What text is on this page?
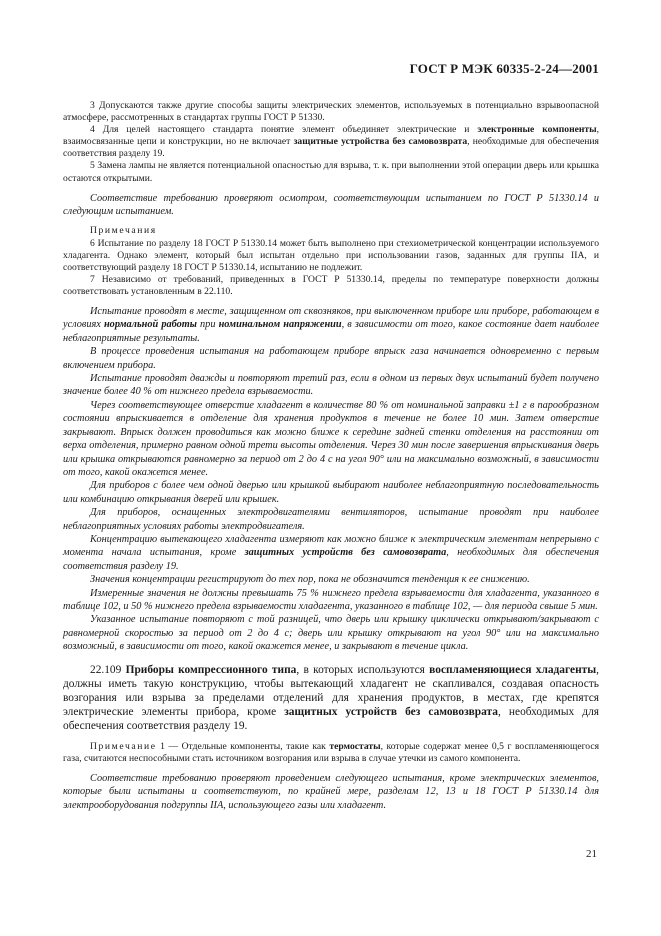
ГОСТ Р МЭК 60335-2-24—2001

3 Допускаются также другие способы защиты электрических элементов, используемых в потенциально взрывоопасной атмосфере, рассмотренных в стандартах группы ГОСТ Р 51330.

4 Для целей настоящего стандарта понятие элемент объединяет электрические и электронные компоненты, взаимосвязанные цепи и конструкции, но не включает защитные устройства без самовозврата, необходимые для обеспечения соответствия разделу 19.

5 Замена лампы не является потенциальной опасностью для взрыва, т. к. при выполнении этой операции дверь или крышка остаются открытыми.

Соответствие требованию проверяют осмотром, соответствующим испытанием по ГОСТ Р 51330.14 и следующим испытанием.

Примечания

6 Испытание по разделу 18 ГОСТ Р 51330.14 может быть выполнено при стехиометрической концентрации используемого хладагента. Однако элемент, который был испытан отдельно при использовании газов, заданных для группы IIA, и соответствующий разделу 18 ГОСТ Р 51330.14, испытанию не подлежит.

7 Независимо от требований, приведенных в ГОСТ Р 51330.14, пределы по температуре поверхности должны соответствовать установленным в 22.110.

Испытание проводят в месте, защищенном от сквозняков, при выключенном приборе или приборе, работающем в условиях нормальной работы при номинальном напряжении, в зависимости от того, какое состояние дает наиболее неблагоприятные результаты.

В процессе проведения испытания на работающем приборе впрыск газа начинается одновременно с первым включением прибора.

Испытание проводят дважды и повторяют третий раз, если в одном из первых двух испытаний будет получено значение более 40 % от нижнего предела взрываемости.

Через соответствующее отверстие хладагент в количестве 80 % от номинальной заправки ±1 г в парообразном состоянии впрыскивается в отделение для хранения продуктов в течение не более 10 мин. Затем отверстие закрывают. Впрыск должен проводиться как можно ближе к середине задней стенки отделения на расстоянии от верха отделения, примерно равном одной трети высоты отделения. Через 30 мин после завершения впрыскивания дверь или крышка открываются равномерно за период от 2 до 4 с на угол 90° или на максимально возможный, в зависимости от того, какой окажется менее.

Для приборов с более чем одной дверью или крышкой выбирают наиболее неблагоприятную последовательность или комбинацию открывания дверей или крышек.

Для приборов, оснащенных электродвигателями вентиляторов, испытание проводят при наиболее неблагоприятных условиях работы электродвигателя.

Концентрацию вытекающего хладагента измеряют как можно ближе к электрическим элементам непрерывно с момента начала испытания, кроме защитных устройств без самовозврата, необходимых для обеспечения соответствия разделу 19.

Значения концентрации регистрируют до тех пор, пока не обозначится тенденция к ее снижению.

Измеренные значения не должны превышать 75 % нижнего предела взрываемости для хладагента, указанного в таблице 102, и 50 % нижнего предела взрываемости хладагента, указанного в таблице 102, — для периода свыше 5 мин.

Указанное испытание повторяют с той разницей, что дверь или крышку циклически открывают/закрывают с равномерной скоростью за период от 2 до 4 с; дверь или крышку открывают на угол 90° или на максимально возможный, в зависимости от того, какой окажется менее, и закрывают в течение цикла.

22.109 Приборы компрессионного типа, в которых используются воспламеняющиеся хладагенты, должны иметь такую конструкцию, чтобы вытекающий хладагент не скапливался, создавая опасность возгорания или взрыва за пределами отделений для хранения продуктов, в местах, где крепятся электрические элементы прибора, кроме защитных устройств без самовозврата, необходимых для обеспечения соответствия разделу 19.

Примечание 1 — Отдельные компоненты, такие как термостаты, которые содержат менее 0,5 г воспламеняющегося газа, считаются неспособными стать источником возгорания или взрыва в случае утечки из самого компонента.

Соответствие требованию проверяют проведением следующего испытания, кроме электрических элементов, которые были испытаны и соответствуют, по крайней мере, разделам 12, 13 и 18 ГОСТ Р 51330.14 для электрооборудования подгруппы IIA, использующего газы или хладагент.

21
